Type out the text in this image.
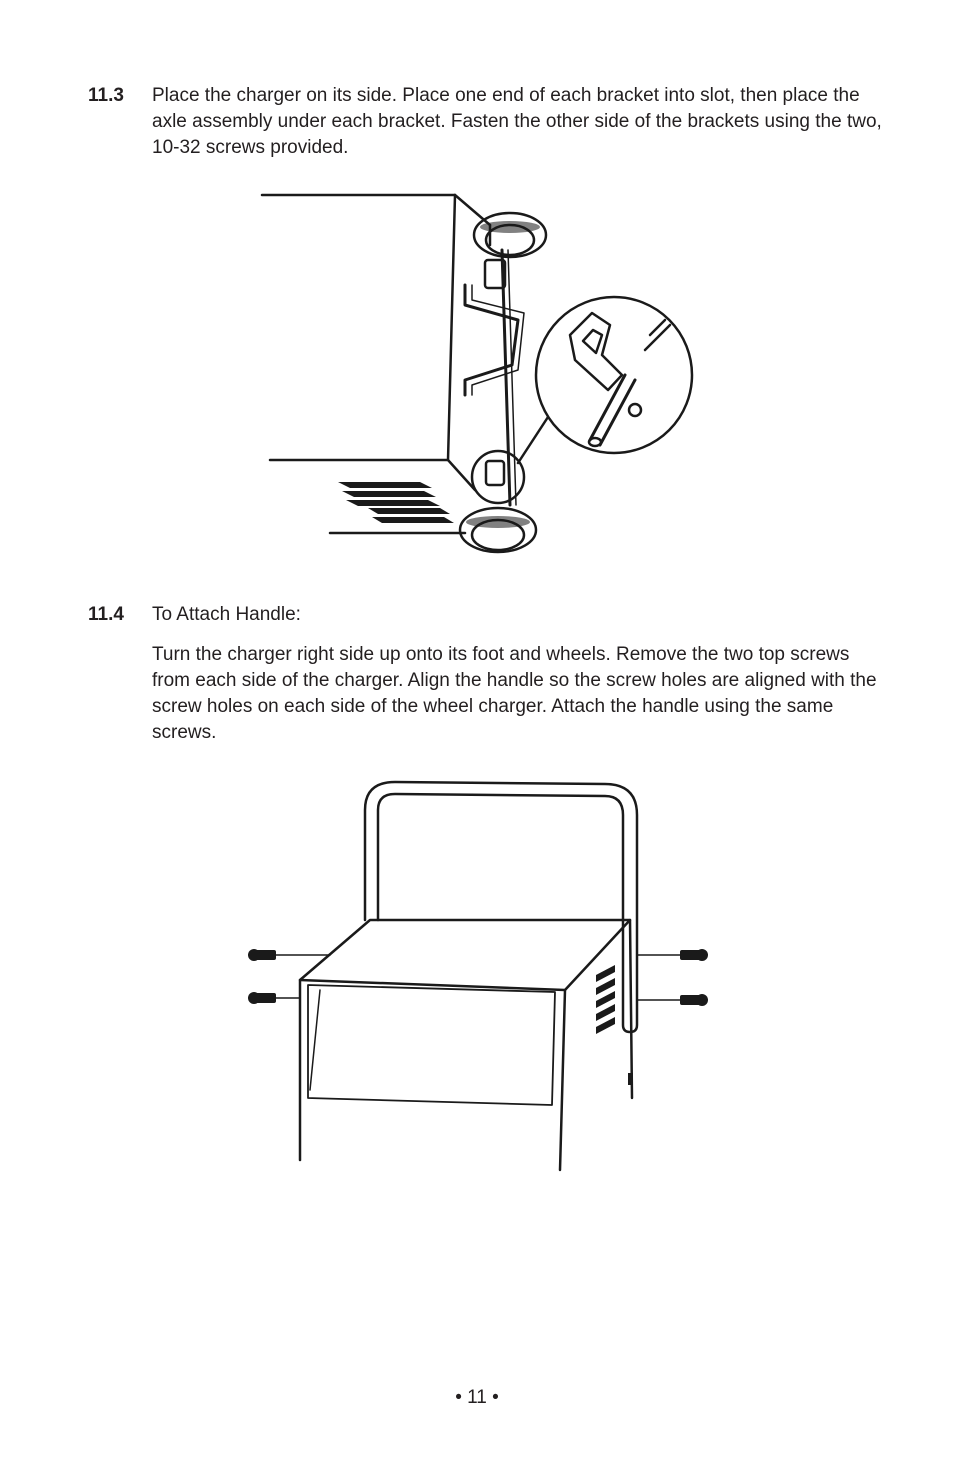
11.3 Place the charger on its side. Place one end of each bracket into slot, then place the axle assembly under each bracket. Fasten the other side of the brackets using the two, 10-32 screws provided.

11.4 To Attach Handle:

Turn the charger right side up onto its foot and wheels. Remove the two top screws from each side of the charger. Align the handle so the screw holes are aligned with the screw holes on each side of the wheel charger. Attach the handle using the same screws.

• 11 •
